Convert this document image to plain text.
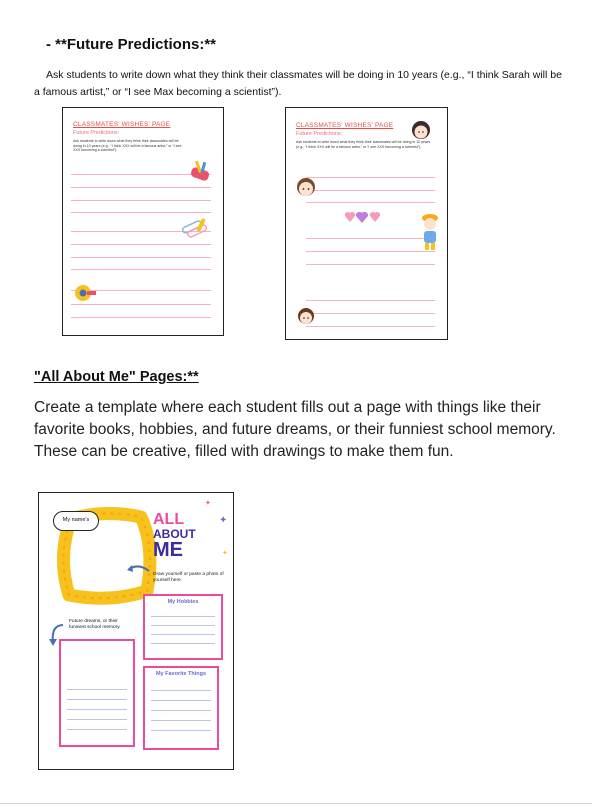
- **Future Predictions:**
Ask students to write down what they think their classmates will be doing in 10 years (e.g., “I think Sarah will be a famous artist,” or “I see Max becoming a scientist”).
CLASSMATES' WISHES' PAGE
Future Predictions:
Ask students to write down what they think their classmates will be doing in 10 years (e.g., “I think XXX will be a famous artist,” or “I see XXX becoming a scientist”).
CLASSMATES' WISHES' PAGE
Future Predictions:
Ask students to write down what they think their classmates will be doing in 10 years (e.g., “I think XXX will be a famous artist,” or “I see XXX becoming a scientist”).
"All About Me" Pages:**
Create a template where each student fills out a page with things like their favorite books, hobbies, and future dreams, or their funniest school memory. These can be creative, filled with drawings to make them fun.
My name's	ALL
ABOUT
ME
✦
✦
✦
Draw yourself or paste a photo of yourself here.
My Hobbies
Future dreams, or their funniest school memory.
My Favorite Things
